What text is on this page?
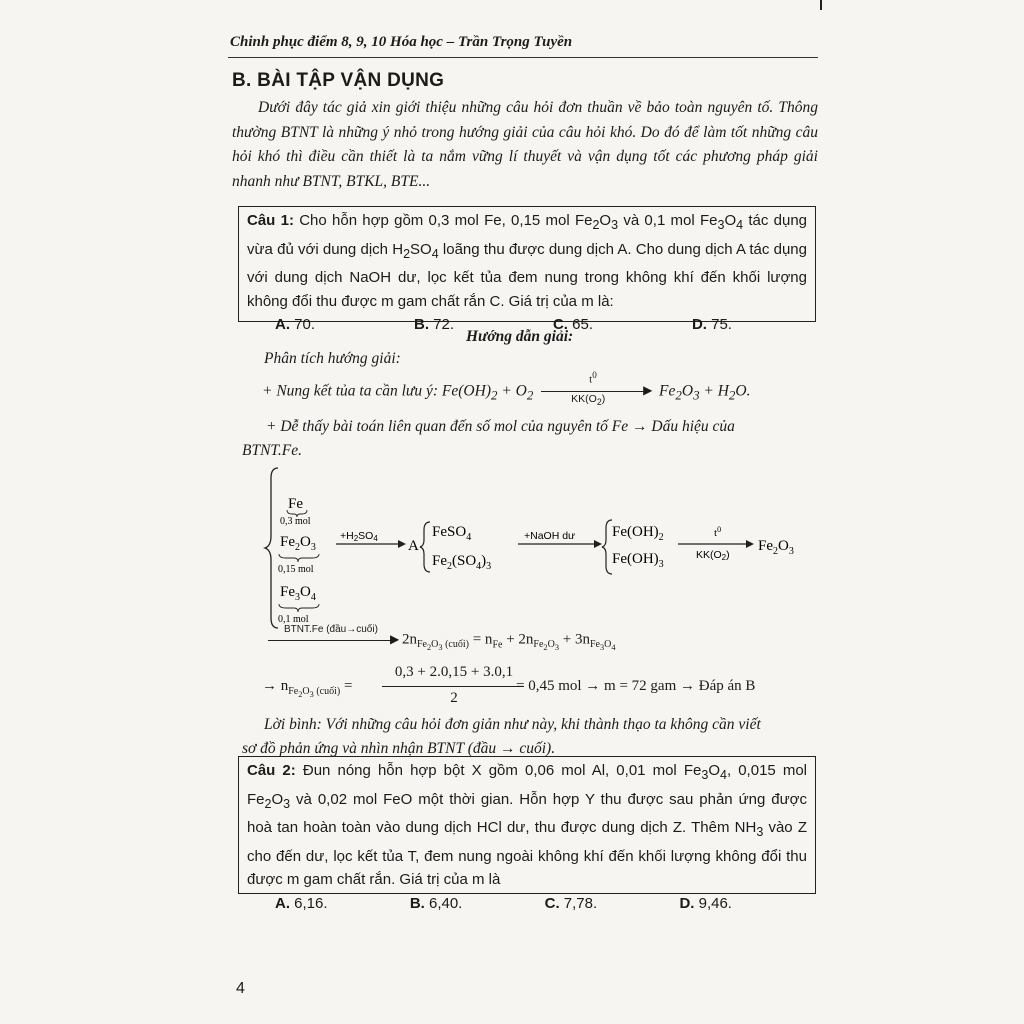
Chinh phục điểm 8, 9, 10 Hóa học – Trần Trọng Tuyền
B. BÀI TẬP VẬN DỤNG
Dưới đây tác giả xin giới thiệu những câu hỏi đơn thuần về bảo toàn nguyên tố. Thông thường BTNT là những ý nhỏ trong hướng giải của câu hỏi khó. Do đó để làm tốt những câu hỏi khó thì điều cần thiết là ta nắm vững lí thuyết và vận dụng tốt các phương pháp giải nhanh như BTNT, BTKL, BTE...
Câu 1: Cho hỗn hợp gồm 0,3 mol Fe, 0,15 mol $Fe_2O_3$ và 0,1 mol $Fe_3O_4$ tác dụng vừa đủ với dung dịch $H_2SO_4$ loãng thu được dung dịch A. Cho dung dịch A tác dụng với dung dịch NaOH dư, lọc kết tủa đem nung trong không khí đến khối lượng không đổi thu được m gam chất rắn C. Giá trị của m là:
A. 70.	B. 72.	C. 65.	D. 75.
Hướng dẫn giải:
Phân tích hướng giải:
+ Nung kết tủa ta cần lưu ý: $Fe(OH)_2 + O_2$
$t^0$
▶
$KK(O_2)$	$Fe_2O_3 + H_2O$.
+ Dễ thấy bài toán liên quan đến số mol của nguyên tố Fe → Dấu hiệu của
BTNT.Fe.
Fe
0,3 mol
$Fe_2O_3$
0,15 mol
$Fe_3O_4$
0,1 mol
+H2SO4 A
FeSO$_4$
$Fe_2(SO_4)_3$
+NaOH dư $Fe(OH)_2$
$Fe(OH)_3$
$t^0$
KK(O2)
$Fe_2O_3$
BTNT.Fe (đầu→cuối)
▶ $2n_{Fe_2O_3 (cuối)} = n_{Fe} + 2n_{Fe_2O_3} + 3n_{Fe_3O_4}$
→ $n_{Fe_2O_3 (cuối)}$ =
0,3 + 2.0,15 + 3.0,1
2
= 0,45 mol → m = 72 gam → Đáp án B
Lời bình: Với những câu hỏi đơn giản như này, khi thành thạo ta không cần viết
sơ đồ phản ứng và nhìn nhận BTNT (đầu → cuối).
Câu 2: Đun nóng hỗn hợp bột X gồm 0,06 mol Al, 0,01 mol $Fe_3O_4$, 0,015 mol $Fe_2O_3$ và 0,02 mol FeO một thời gian. Hỗn hợp Y thu được sau phản ứng được hoà tan hoàn toàn vào dung dịch HCl dư, thu được dung dịch Z. Thêm $NH_3$ vào Z cho đến dư, lọc kết tủa T, đem nung ngoài không khí đến khối lượng không đổi thu được m gam chất rắn. Giá trị của m là
A. 6,16.	B. 6,40.	C. 7,78.	D. 9,46.
4
